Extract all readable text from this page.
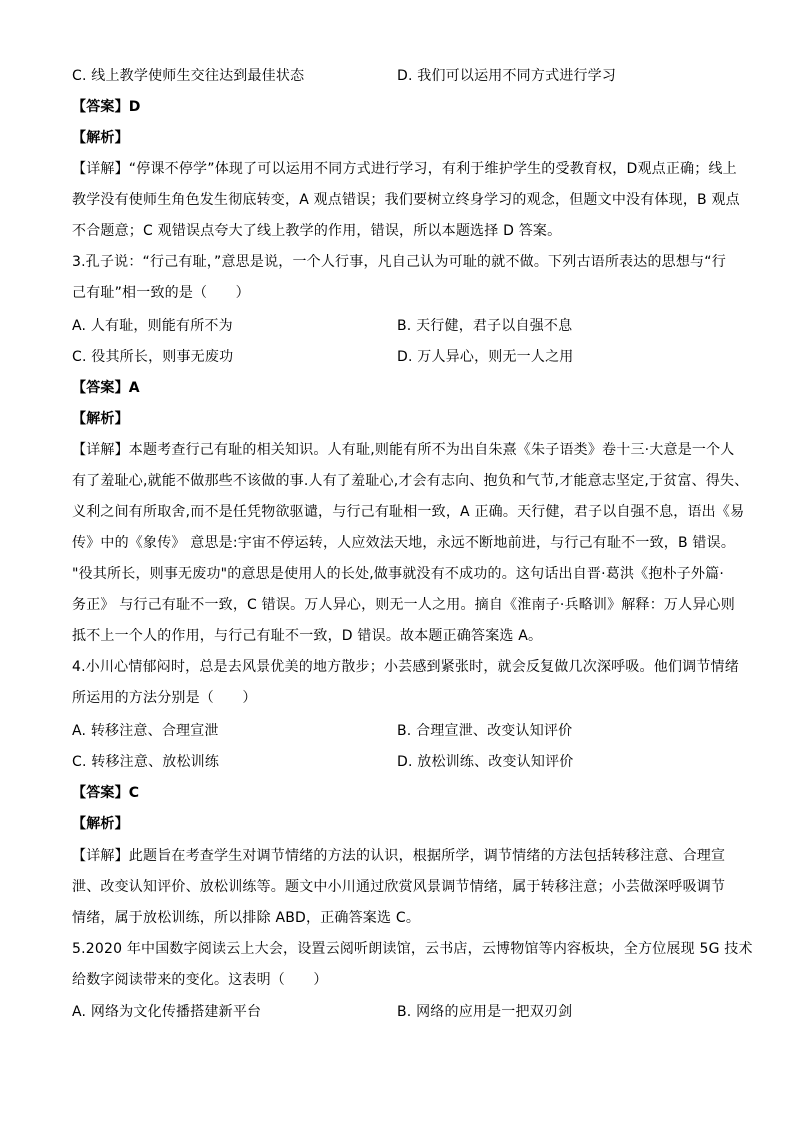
C. 线上教学使师生交往达到最佳状态	D. 我们可以运用不同方式进行学习
【答案】D
【解析】
【详解】“停课不停学”体现了可以运用不同方式进行学习，有利于维护学生的受教育权，D观点正确；线上
教学没有使师生角色发生彻底转变，A 观点错误；我们要树立终身学习的观念，但题文中没有体现，B 观点
不合题意；C 观错误点夸大了线上教学的作用，错误，所以本题选择 D 答案。
3.孔子说：“行己有耻，”意思是说，一个人行事，凡自己认为可耻的就不做。下列古语所表达的思想与“行
己有耻”相一致的是（　　）
A. 人有耻，则能有所不为	B. 天行健，君子以自强不息
C. 役其所长，则事无废功	D. 万人异心，则无一人之用
【答案】A
【解析】
【详解】本题考查行己有耻的相关知识。人有耻,则能有所不为出自朱熹《朱子语类》卷十三·大意是一个人
有了羞耻心,就能不做那些不该做的事.人有了羞耻心,才会有志向、抱负和气节,才能意志坚定,于贫富、得失、
义利之间有所取舍,而不是任凭物欲驱谴，与行己有耻相一致，A 正确。天行健，君子以自强不息，语出《易
传》中的《象传》 意思是:宇宙不停运转，人应效法天地，永远不断地前进，与行己有耻不一致，B 错误。
"役其所长，则事无废功"的意思是使用人的长处,做事就没有不成功的。这句话出自晋·葛洪《抱朴子外篇·
务正》 与行己有耻不一致，C 错误。万人异心，则无一人之用。摘自《淮南子·兵略训》解释：万人异心则
抵不上一个人的作用，与行己有耻不一致，D 错误。故本题正确答案选 A。
4.小川心情郁闷时，总是去风景优美的地方散步；小芸感到紧张时，就会反复做几次深呼吸。他们调节情绪
所运用的方法分别是（　　）
A. 转移注意、合理宣泄	B. 合理宣泄、改变认知评价
C. 转移注意、放松训练	D. 放松训练、改变认知评价
【答案】C
【解析】
【详解】此题旨在考查学生对调节情绪的方法的认识，根据所学，调节情绪的方法包括转移注意、合理宣
泄、改变认知评价、放松训练等。题文中小川通过欣赏风景调节情绪，属于转移注意；小芸做深呼吸调节
情绪，属于放松训练，所以排除 ABD，正确答案选 C。
5.2020 年中国数字阅读云上大会，设置云阅听朗读馆，云书店，云博物馆等内容板块，全方位展现 5G 技术
给数字阅读带来的变化。这表明（　　）
A. 网络为文化传播搭建新平台	B. 网络的应用是一把双刃剑
